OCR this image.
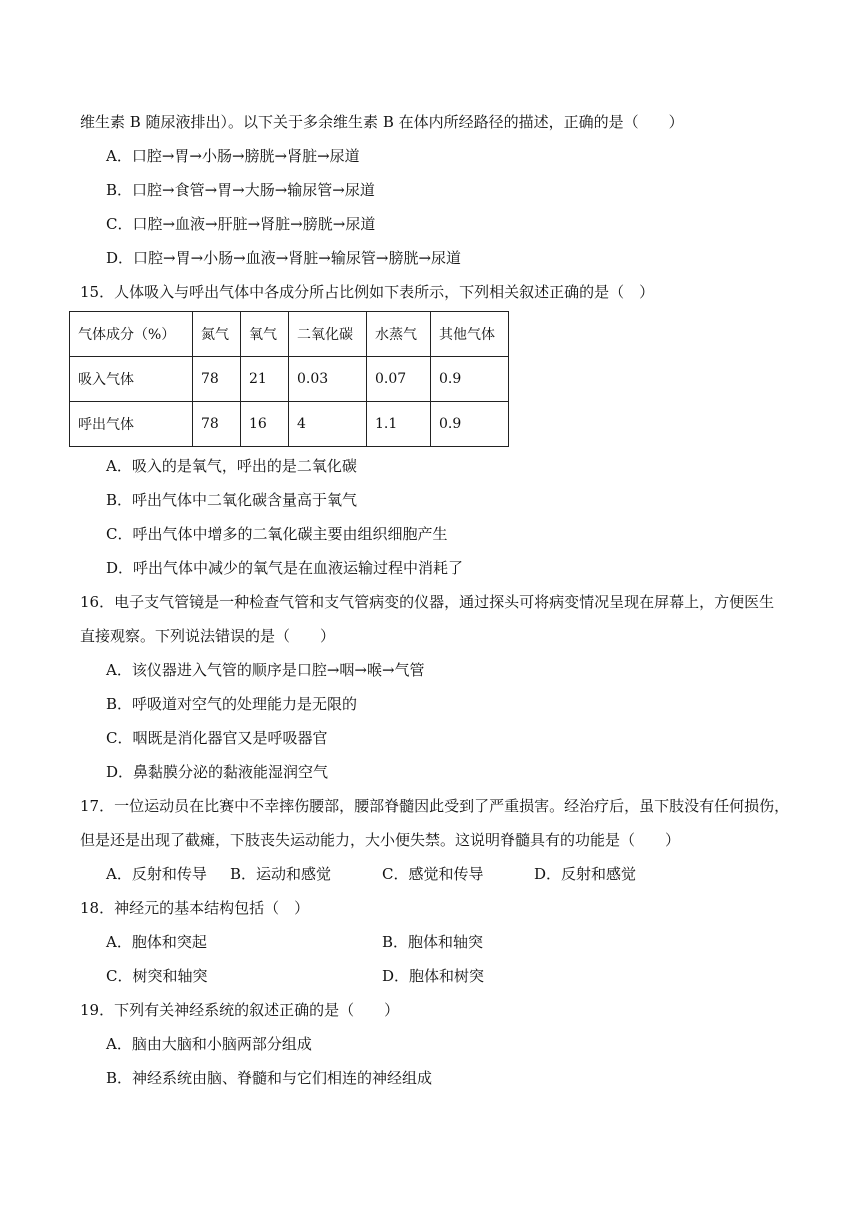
维生素 B 随尿液排出）。以下关于多余维生素 B 在体内所经路径的描述，正确的是（　　）
A．口腔→胃→小肠→膀胱→肾脏→尿道
B．口腔→食管→胃→大肠→输尿管→尿道
C．口腔→血液→肝脏→肾脏→膀胱→尿道
D．口腔→胃→小肠→血液→肾脏→输尿管→膀胱→尿道
15．人体吸入与呼出气体中各成分所占比例如下表所示，下列相关叙述正确的是（　）
气体成分（%）	氮气	氧气	二氧化碳	水蒸气	其他气体
吸入气体	78	21	0.03	0.07	0.9
呼出气体	78	16	4	1.1	0.9
A．吸入的是氧气，呼出的是二氧化碳
B．呼出气体中二氧化碳含量高于氧气
C．呼出气体中增多的二氧化碳主要由组织细胞产生
D．呼出气体中减少的氧气是在血液运输过程中消耗了
16．电子支气管镜是一种检查气管和支气管病变的仪器，通过探头可将病变情况呈现在屏幕上，方便医生
直接观察。下列说法错误的是（　　）
A．该仪器进入气管的顺序是口腔→咽→喉→气管
B．呼吸道对空气的处理能力是无限的
C．咽既是消化器官又是呼吸器官
D．鼻黏膜分泌的黏液能湿润空气
17．一位运动员在比赛中不幸摔伤腰部，腰部脊髓因此受到了严重损害。经治疗后，虽下肢没有任何损伤，
但是还是出现了截瘫，下肢丧失运动能力，大小便失禁。这说明脊髓具有的功能是（　　）
A．反射和传导 B．运动和感觉	C．感觉和传导	D．反射和感觉
18．神经元的基本结构包括（　）
A．胞体和突起	B．胞体和轴突
C．树突和轴突	D．胞体和树突
19．下列有关神经系统的叙述正确的是（　　）
A．脑由大脑和小脑两部分组成
B．神经系统由脑、脊髓和与它们相连的神经组成
